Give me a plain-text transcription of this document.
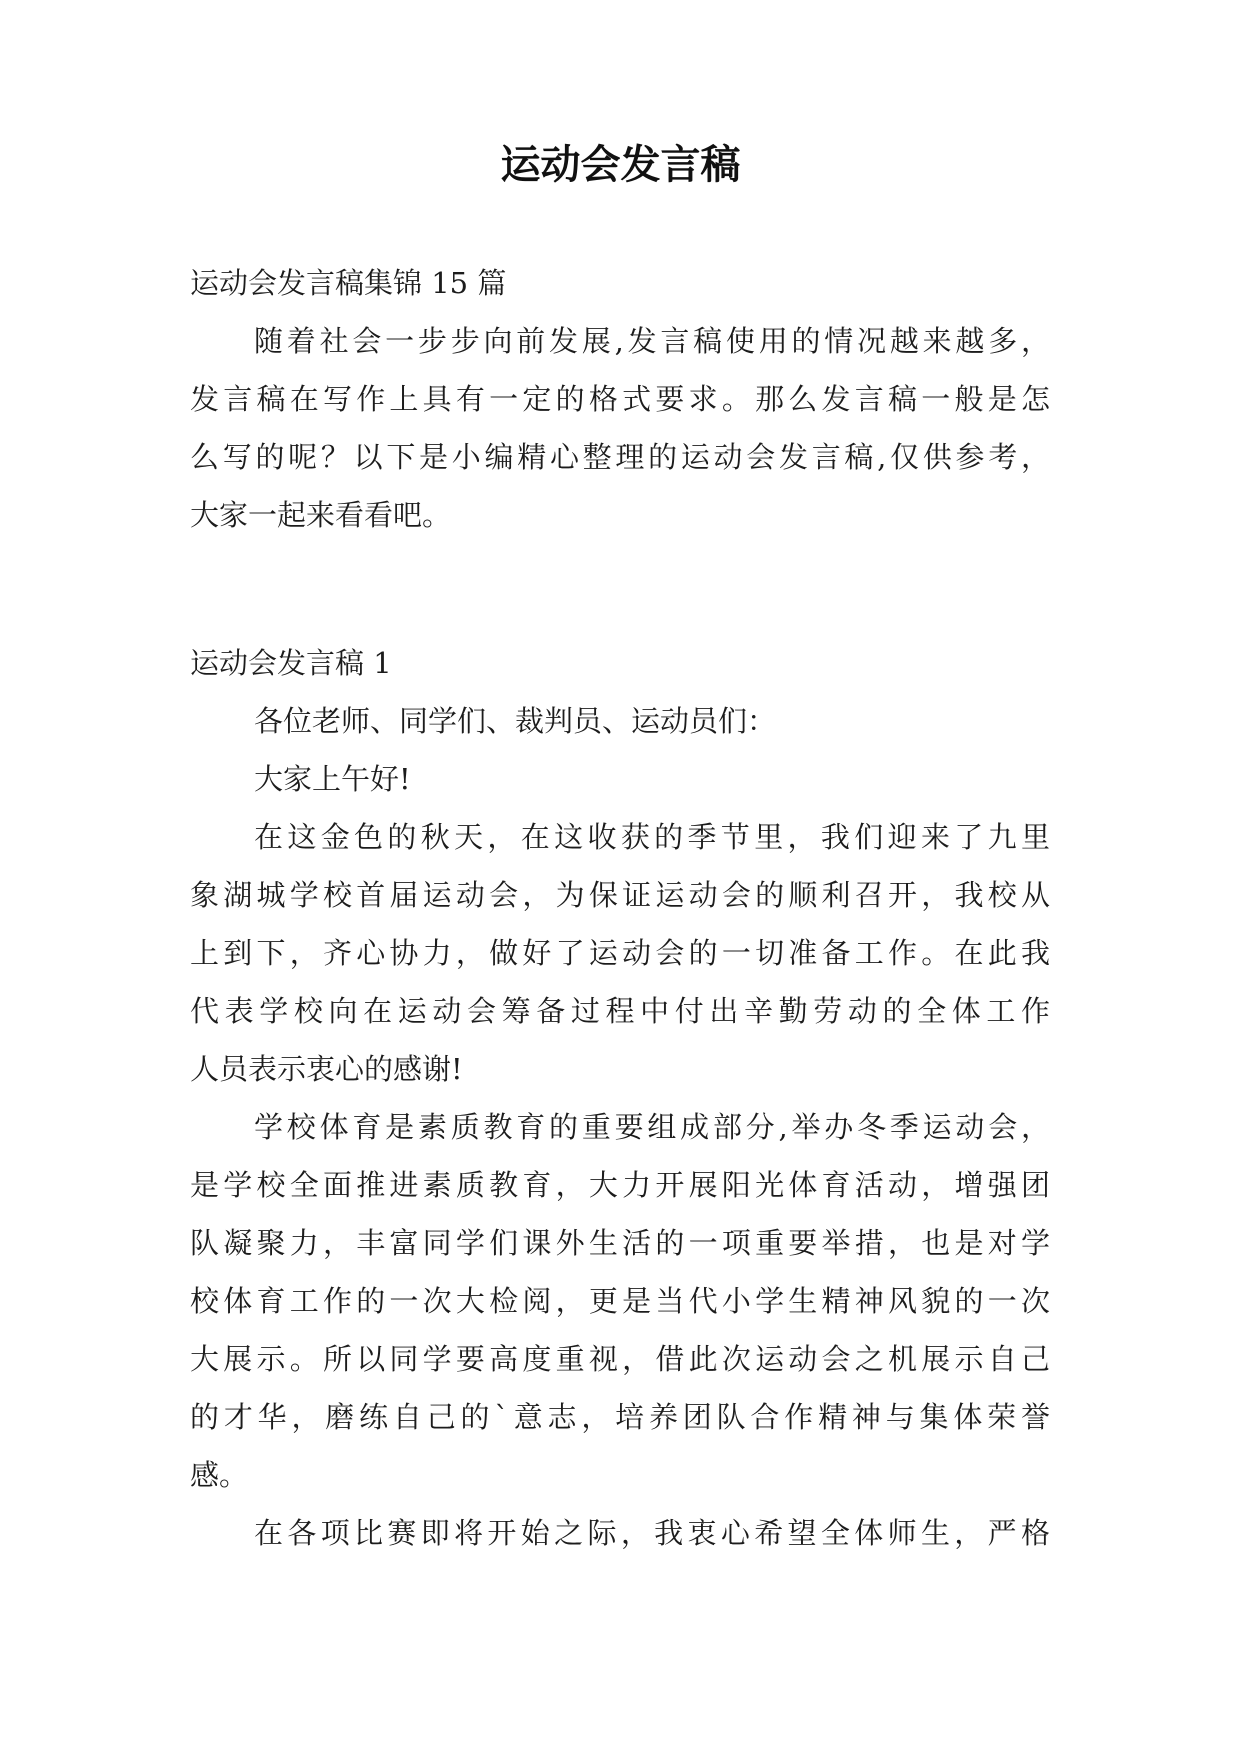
运动会发言稿
运动会发言稿集锦 15 篇
随着社会一步步向前发展,发言稿使用的情况越来越多，
发言稿在写作上具有一定的格式要求。那么发言稿一般是怎
么写的呢？以下是小编精心整理的运动会发言稿,仅供参考，
大家一起来看看吧。
运动会发言稿 1
各位老师、同学们、裁判员、运动员们：
大家上午好!
在这金色的秋天，在这收获的季节里，我们迎来了九里
象湖城学校首届运动会，为保证运动会的顺利召开，我校从
上到下，齐心协力，做好了运动会的一切准备工作。在此我
代表学校向在运动会筹备过程中付出辛勤劳动的全体工作
人员表示衷心的感谢!
学校体育是素质教育的重要组成部分,举办冬季运动会，
是学校全面推进素质教育，大力开展阳光体育活动，增强团
队凝聚力，丰富同学们课外生活的一项重要举措，也是对学
校体育工作的一次大检阅，更是当代小学生精神风貌的一次
大展示。所以同学要高度重视，借此次运动会之机展示自己
的才华，磨练自己的`意志，培养团队合作精神与集体荣誉
感。
在各项比赛即将开始之际，我衷心希望全体师生，严格
